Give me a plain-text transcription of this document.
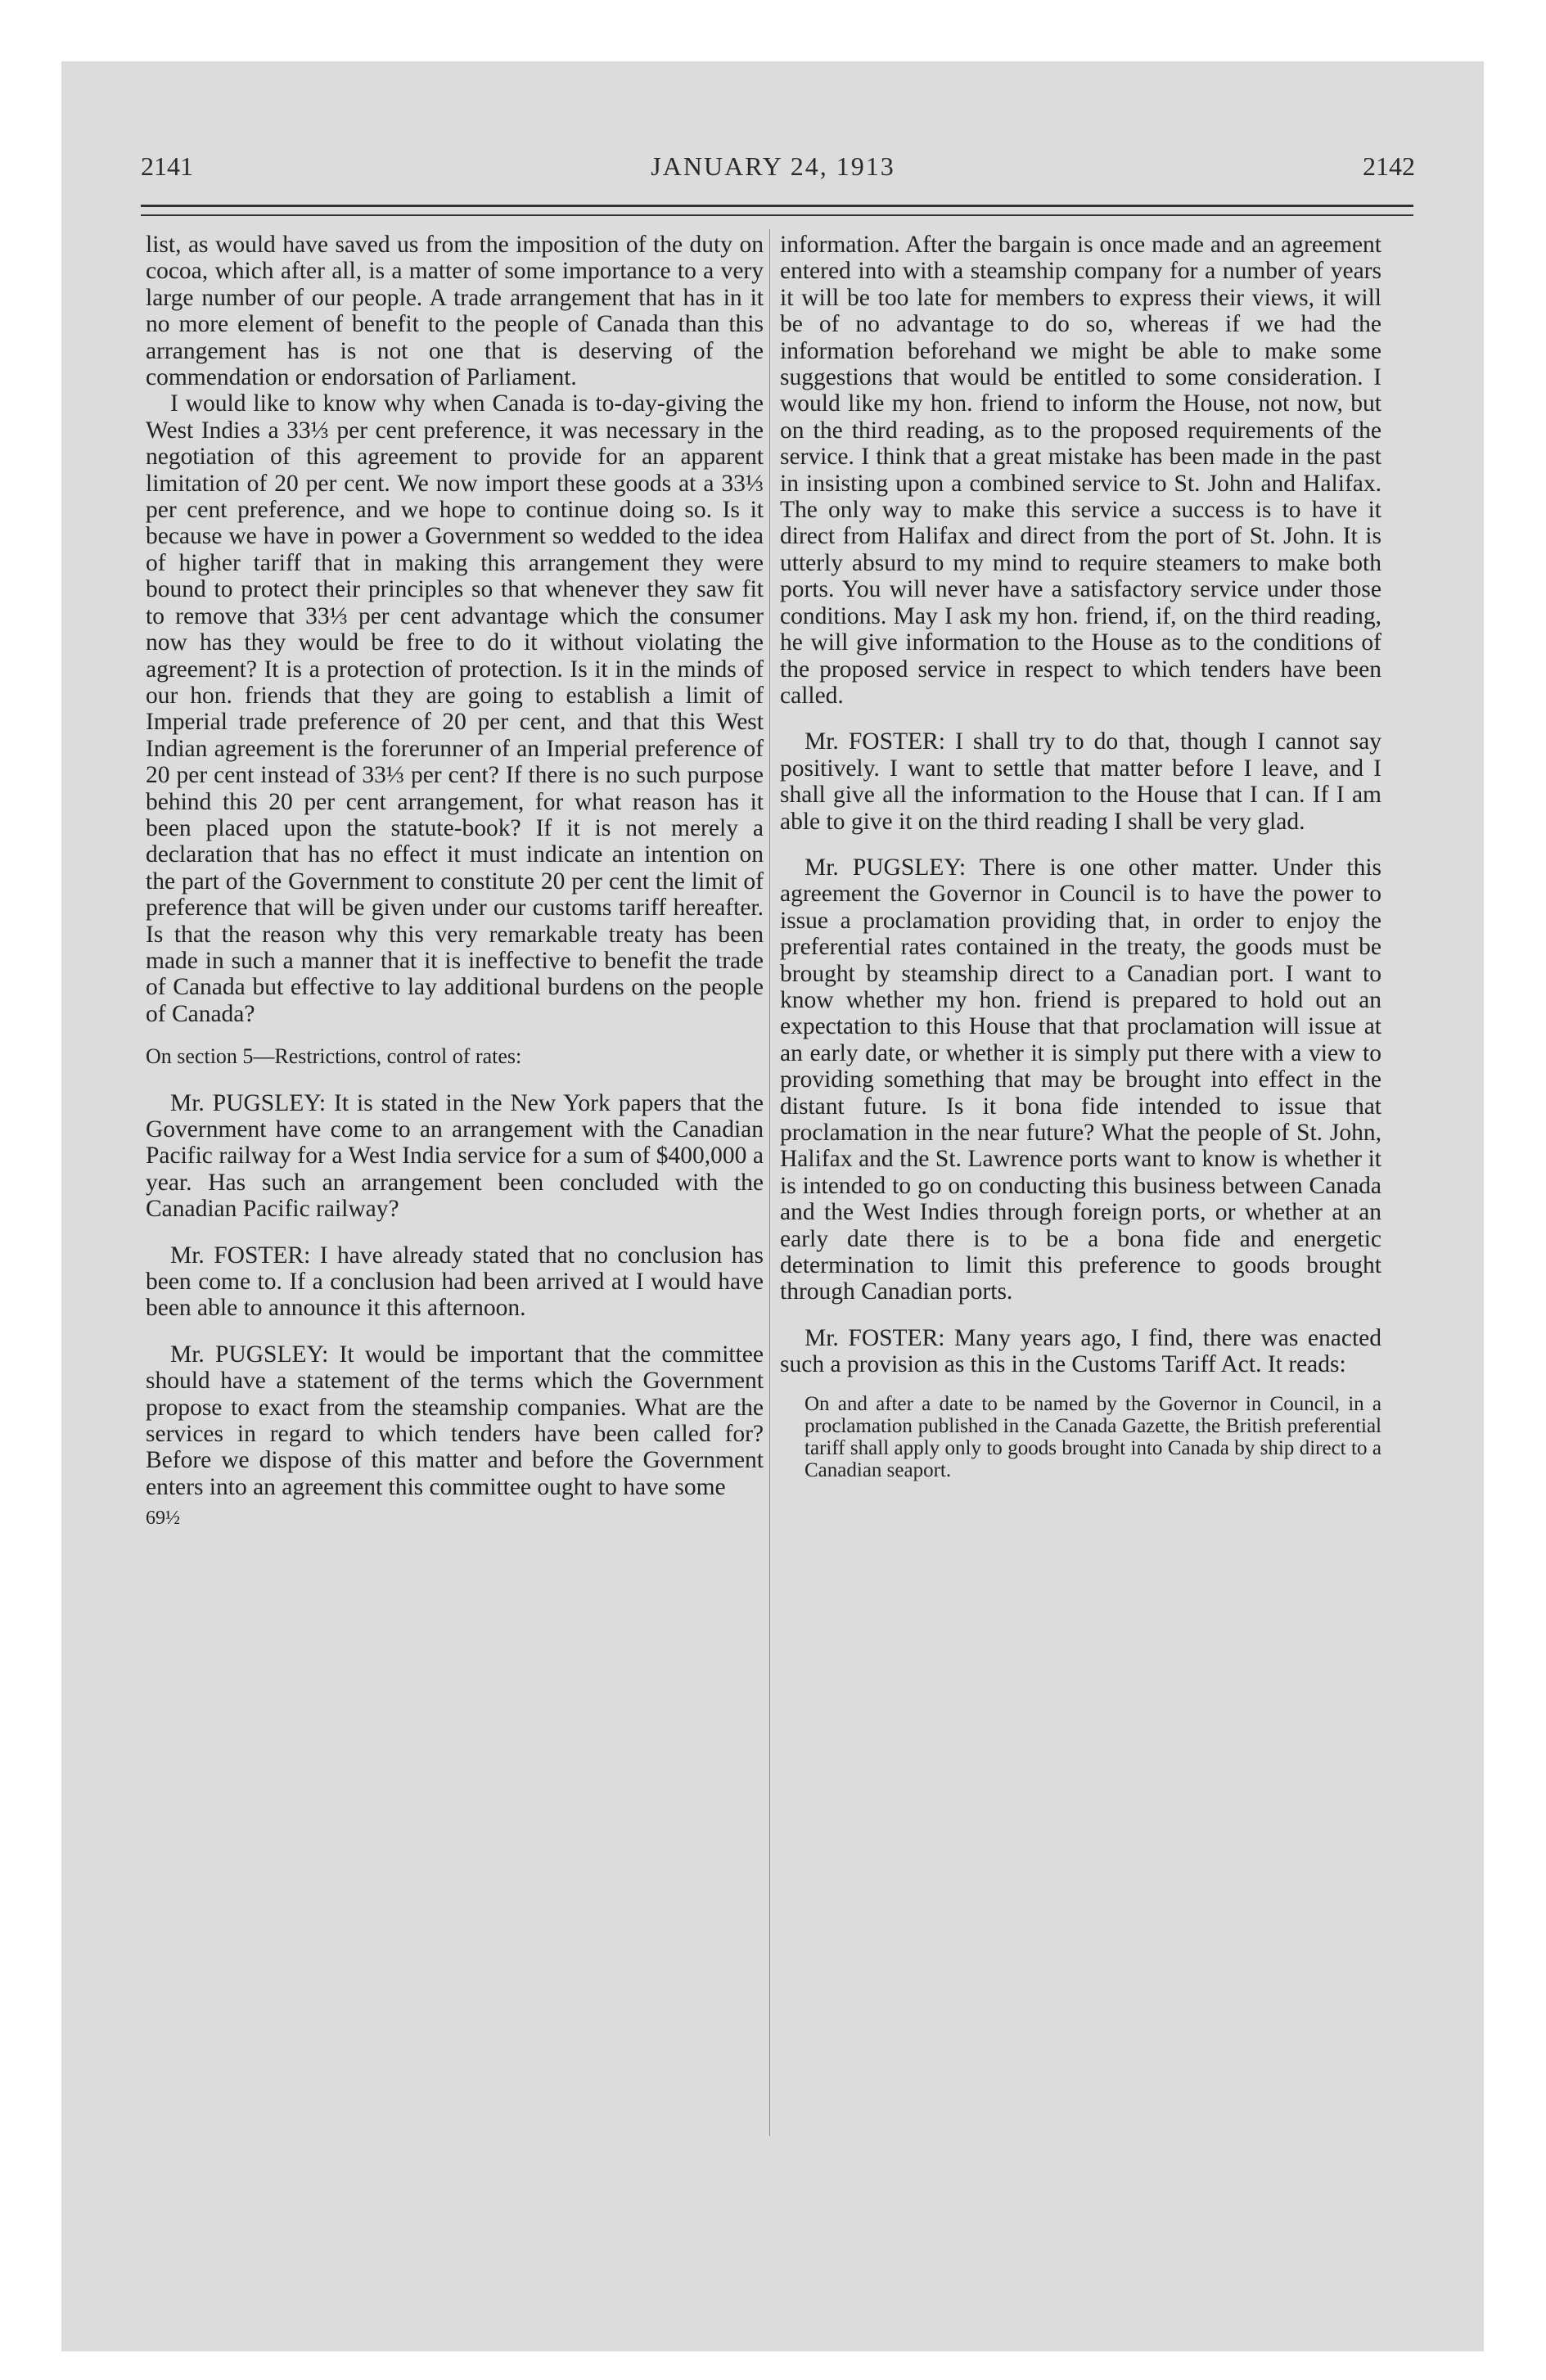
2141	JANUARY 24, 1913	2142

list, as would have saved us from the imposition of the duty on cocoa, which after all, is a matter of some importance to a very large number of our people. A trade arrangement that has in it no more element of benefit to the people of Canada than this arrangement has is not one that is deserving of the commendation or endorsation of Parliament.

I would like to know why when Canada is to-day-giving the West Indies a 33⅓ per cent preference, it was necessary in the negotiation of this agreement to provide for an apparent limitation of 20 per cent. We now import these goods at a 33⅓ per cent preference, and we hope to continue doing so. Is it because we have in power a Government so wedded to the idea of higher tariff that in making this arrangement they were bound to protect their principles so that whenever they saw fit to remove that 33⅓ per cent advantage which the consumer now has they would be free to do it without violating the agreement? It is a protection of protection. Is it in the minds of our hon. friends that they are going to establish a limit of Imperial trade preference of 20 per cent, and that this West Indian agreement is the forerunner of an Imperial preference of 20 per cent instead of 33⅓ per cent? If there is no such purpose behind this 20 per cent arrangement, for what reason has it been placed upon the statute-book? If it is not merely a declaration that has no effect it must indicate an intention on the part of the Government to constitute 20 per cent the limit of preference that will be given under our customs tariff hereafter. Is that the reason why this very remarkable treaty has been made in such a manner that it is ineffective to benefit the trade of Canada but effective to lay additional burdens on the people of Canada?

On section 5—Restrictions, control of rates:

Mr. PUGSLEY: It is stated in the New York papers that the Government have come to an arrangement with the Canadian Pacific railway for a West India service for a sum of $400,000 a year. Has such an arrangement been concluded with the Canadian Pacific railway?

Mr. FOSTER: I have already stated that no conclusion has been come to. If a conclusion had been arrived at I would have been able to announce it this afternoon.

Mr. PUGSLEY: It would be important that the committee should have a statement of the terms which the Government propose to exact from the steamship companies. What are the services in regard to which tenders have been called for? Before we dispose of this matter and before the Government enters into an agreement this committee ought to have some

69½

information. After the bargain is once made and an agreement entered into with a steamship company for a number of years it will be too late for members to express their views, it will be of no advantage to do so, whereas if we had the information beforehand we might be able to make some suggestions that would be entitled to some consideration. I would like my hon. friend to inform the House, not now, but on the third reading, as to the proposed requirements of the service. I think that a great mistake has been made in the past in insisting upon a combined service to St. John and Halifax. The only way to make this service a success is to have it direct from Halifax and direct from the port of St. John. It is utterly absurd to my mind to require steamers to make both ports. You will never have a satisfactory service under those conditions. May I ask my hon. friend, if, on the third reading, he will give information to the House as to the conditions of the proposed service in respect to which tenders have been called.

Mr. FOSTER: I shall try to do that, though I cannot say positively. I want to settle that matter before I leave, and I shall give all the information to the House that I can. If I am able to give it on the third reading I shall be very glad.

Mr. PUGSLEY: There is one other matter. Under this agreement the Governor in Council is to have the power to issue a proclamation providing that, in order to enjoy the preferential rates contained in the treaty, the goods must be brought by steamship direct to a Canadian port. I want to know whether my hon. friend is prepared to hold out an expectation to this House that that proclamation will issue at an early date, or whether it is simply put there with a view to providing something that may be brought into effect in the distant future. Is it bona fide intended to issue that proclamation in the near future? What the people of St. John, Halifax and the St. Lawrence ports want to know is whether it is intended to go on conducting this business between Canada and the West Indies through foreign ports, or whether at an early date there is to be a bona fide and energetic determination to limit this preference to goods brought through Canadian ports.

Mr. FOSTER: Many years ago, I find, there was enacted such a provision as this in the Customs Tariff Act. It reads:

On and after a date to be named by the Governor in Council, in a proclamation published in the Canada Gazette, the British preferential tariff shall apply only to goods brought into Canada by ship direct to a Canadian seaport.
